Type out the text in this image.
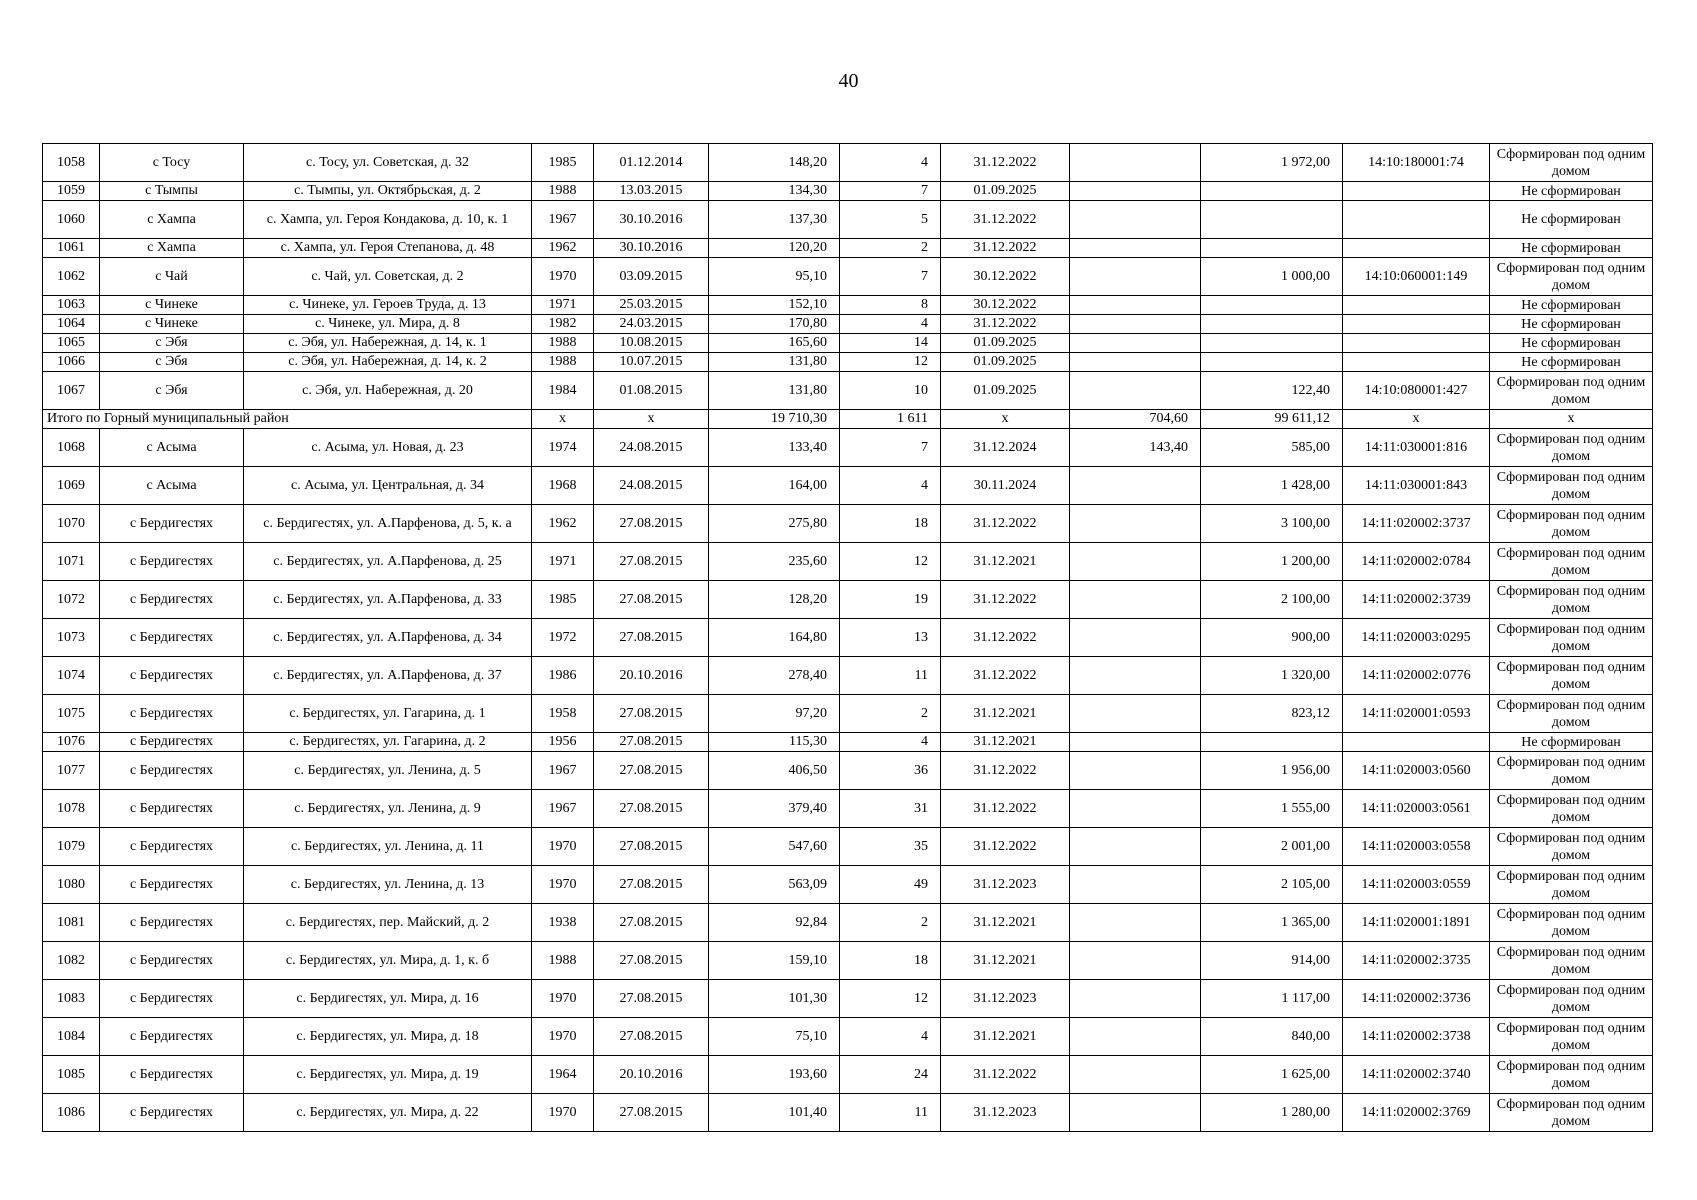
40
1058	с Тосу	с. Тосу, ул. Советская, д. 32	1985	01.12.2014	148,20	4	31.12.2022		1 972,00	14:10:180001:74	Сформирован под одним домом
1059	с Тымпы	с. Тымпы, ул. Октябрьская, д. 2	1988	13.03.2015	134,30	7	01.09.2025				Не сформирован
1060	с Хампа	с. Хампа, ул. Героя Кондакова, д. 10, к. 1	1967	30.10.2016	137,30	5	31.12.2022				Не сформирован
1061	с Хампа	с. Хампа, ул. Героя Степанова, д. 48	1962	30.10.2016	120,20	2	31.12.2022				Не сформирован
1062	с Чай	с. Чай, ул. Советская, д. 2	1970	03.09.2015	95,10	7	30.12.2022		1 000,00	14:10:060001:149	Сформирован под одним домом
1063	с Чинеке	с. Чинеке, ул. Героев Труда, д. 13	1971	25.03.2015	152,10	8	30.12.2022				Не сформирован
1064	с Чинеке	с. Чинеке, ул. Мира, д. 8	1982	24.03.2015	170,80	4	31.12.2022				Не сформирован
1065	с Эбя	с. Эбя, ул. Набережная, д. 14, к. 1	1988	10.08.2015	165,60	14	01.09.2025				Не сформирован
1066	с Эбя	с. Эбя, ул. Набережная, д. 14, к. 2	1988	10.07.2015	131,80	12	01.09.2025				Не сформирован
1067	с Эбя	с. Эбя, ул. Набережная, д. 20	1984	01.08.2015	131,80	10	01.09.2025		122,40	14:10:080001:427	Сформирован под одним домом
Итого по Горный муниципальный район			x	x	19 710,30	1 611	x	704,60	99 611,12	x	x
1068	с Асыма	с. Асыма, ул. Новая, д. 23	1974	24.08.2015	133,40	7	31.12.2024	143,40	585,00	14:11:030001:816	Сформирован под одним домом
1069	с Асыма	с. Асыма, ул. Центральная, д. 34	1968	24.08.2015	164,00	4	30.11.2024		1 428,00	14:11:030001:843	Сформирован под одним домом
1070	с Бердигестях	с. Бердигестях, ул. А.Парфенова, д. 5, к. а	1962	27.08.2015	275,80	18	31.12.2022		3 100,00	14:11:020002:3737	Сформирован под одним домом
1071	с Бердигестях	с. Бердигестях, ул. А.Парфенова, д. 25	1971	27.08.2015	235,60	12	31.12.2021		1 200,00	14:11:020002:0784	Сформирован под одним домом
1072	с Бердигестях	с. Бердигестях, ул. А.Парфенова, д. 33	1985	27.08.2015	128,20	19	31.12.2022		2 100,00	14:11:020002:3739	Сформирован под одним домом
1073	с Бердигестях	с. Бердигестях, ул. А.Парфенова, д. 34	1972	27.08.2015	164,80	13	31.12.2022		900,00	14:11:020003:0295	Сформирован под одним домом
1074	с Бердигестях	с. Бердигестях, ул. А.Парфенова, д. 37	1986	20.10.2016	278,40	11	31.12.2022		1 320,00	14:11:020002:0776	Сформирован под одним домом
1075	с Бердигестях	с. Бердигестях, ул. Гагарина, д. 1	1958	27.08.2015	97,20	2	31.12.2021		823,12	14:11:020001:0593	Сформирован под одним домом
1076	с Бердигестях	с. Бердигестях, ул. Гагарина, д. 2	1956	27.08.2015	115,30	4	31.12.2021				Не сформирован
1077	с Бердигестях	с. Бердигестях, ул. Ленина, д. 5	1967	27.08.2015	406,50	36	31.12.2022		1 956,00	14:11:020003:0560	Сформирован под одним домом
1078	с Бердигестях	с. Бердигестях, ул. Ленина, д. 9	1967	27.08.2015	379,40	31	31.12.2022		1 555,00	14:11:020003:0561	Сформирован под одним домом
1079	с Бердигестях	с. Бердигестях, ул. Ленина, д. 11	1970	27.08.2015	547,60	35	31.12.2022		2 001,00	14:11:020003:0558	Сформирован под одним домом
1080	с Бердигестях	с. Бердигестях, ул. Ленина, д. 13	1970	27.08.2015	563,09	49	31.12.2023		2 105,00	14:11:020003:0559	Сформирован под одним домом
1081	с Бердигестях	с. Бердигестях, пер. Майский, д. 2	1938	27.08.2015	92,84	2	31.12.2021		1 365,00	14:11:020001:1891	Сформирован под одним домом
1082	с Бердигестях	с. Бердигестях, ул. Мира, д. 1, к. б	1988	27.08.2015	159,10	18	31.12.2021		914,00	14:11:020002:3735	Сформирован под одним домом
1083	с Бердигестях	с. Бердигестях, ул. Мира, д. 16	1970	27.08.2015	101,30	12	31.12.2023		1 117,00	14:11:020002:3736	Сформирован под одним домом
1084	с Бердигестях	с. Бердигестях, ул. Мира, д. 18	1970	27.08.2015	75,10	4	31.12.2021		840,00	14:11:020002:3738	Сформирован под одним домом
1085	с Бердигестях	с. Бердигестях, ул. Мира, д. 19	1964	20.10.2016	193,60	24	31.12.2022		1 625,00	14:11:020002:3740	Сформирован под одним домом
1086	с Бердигестях	с. Бердигестях, ул. Мира, д. 22	1970	27.08.2015	101,40	11	31.12.2023		1 280,00	14:11:020002:3769	Сформирован под одним домом
